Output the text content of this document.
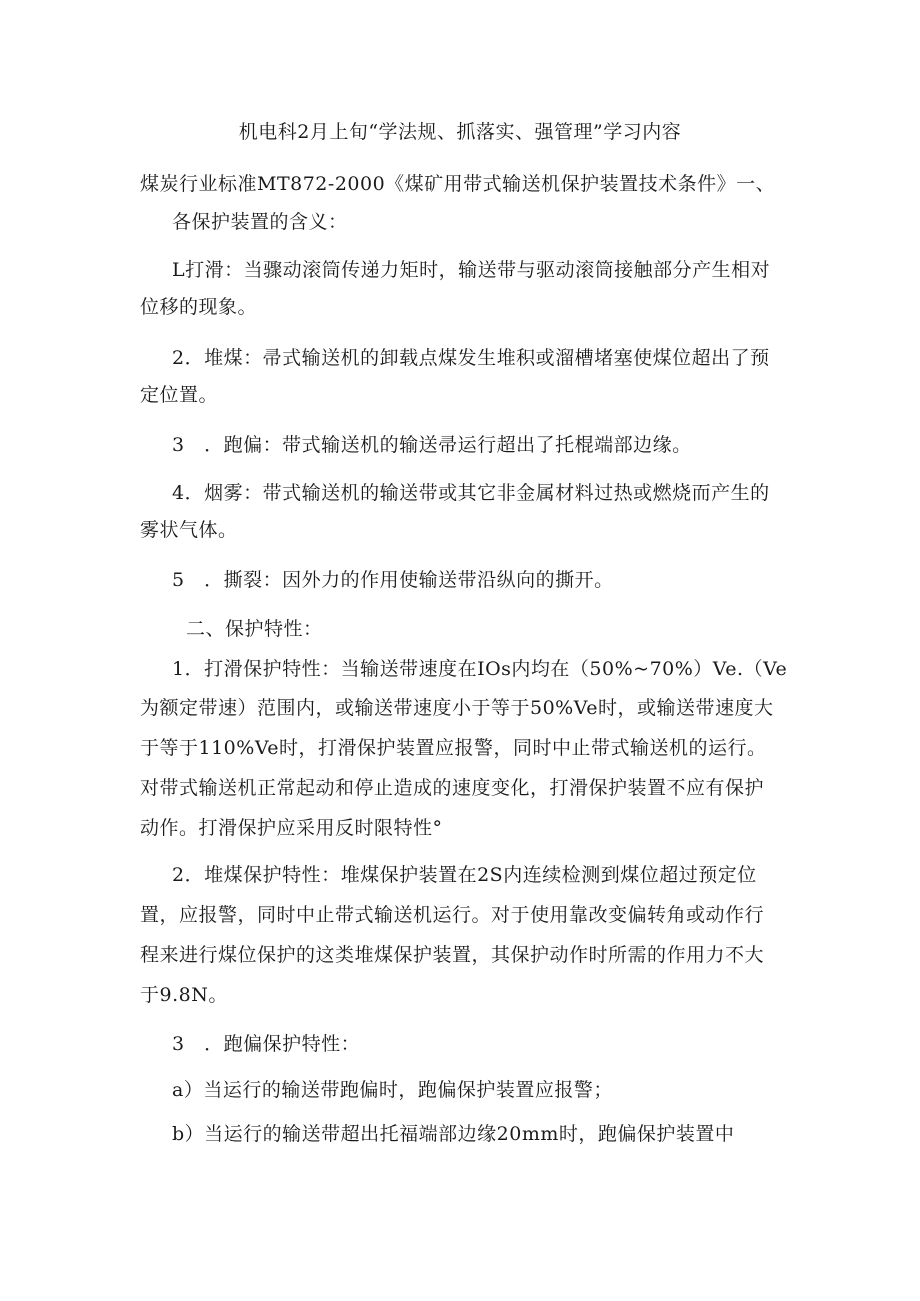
机电科2月上旬“学法规、抓落实、强管理”学习内容
煤炭行业标准MT872-2000《煤矿用带式输送机保护装置技术条件》一、
各保护装置的含义：
L打滑：当骤动滚筒传递力矩时，输送带与驱动滚筒接触部分产生相对
位移的现象。
2．堆煤：帚式输送机的卸载点煤发生堆积或溜槽堵塞使煤位超出了预
定位置。
3　．跑偏：带式输送机的输送帚运行超出了托棍端部边缘。
4．烟雾：带式输送机的输送带或其它非金属材料过热或燃烧而产生的
雾状气体。
5　．撕裂：因外力的作用使输送带沿纵向的撕开。
二、保护特性：
1．打滑保护特性：当输送带速度在IOs内均在（50%~70%）Ve.（Ve
为额定带速）范围内，或输送带速度小于等于50%Ve时，或输送带速度大
于等于110%Ve时，打滑保护装置应报警，同时中止带式输送机的运行。
对带式输送机正常起动和停止造成的速度变化，打滑保护装置不应有保护
动作。打滑保护应采用反时限特性°
2．堆煤保护特性：堆煤保护装置在2S内连续检测到煤位超过预定位
置，应报警，同时中止带式输送机运行。对于使用靠改变偏转角或动作行
程来进行煤位保护的这类堆煤保护装置，其保护动作时所需的作用力不大
于9.8N。
3　．跑偏保护特性：
a）当运行的输送带跑偏时，跑偏保护装置应报警；
b）当运行的输送带超出托福端部边缘20mm时，跑偏保护装置中
